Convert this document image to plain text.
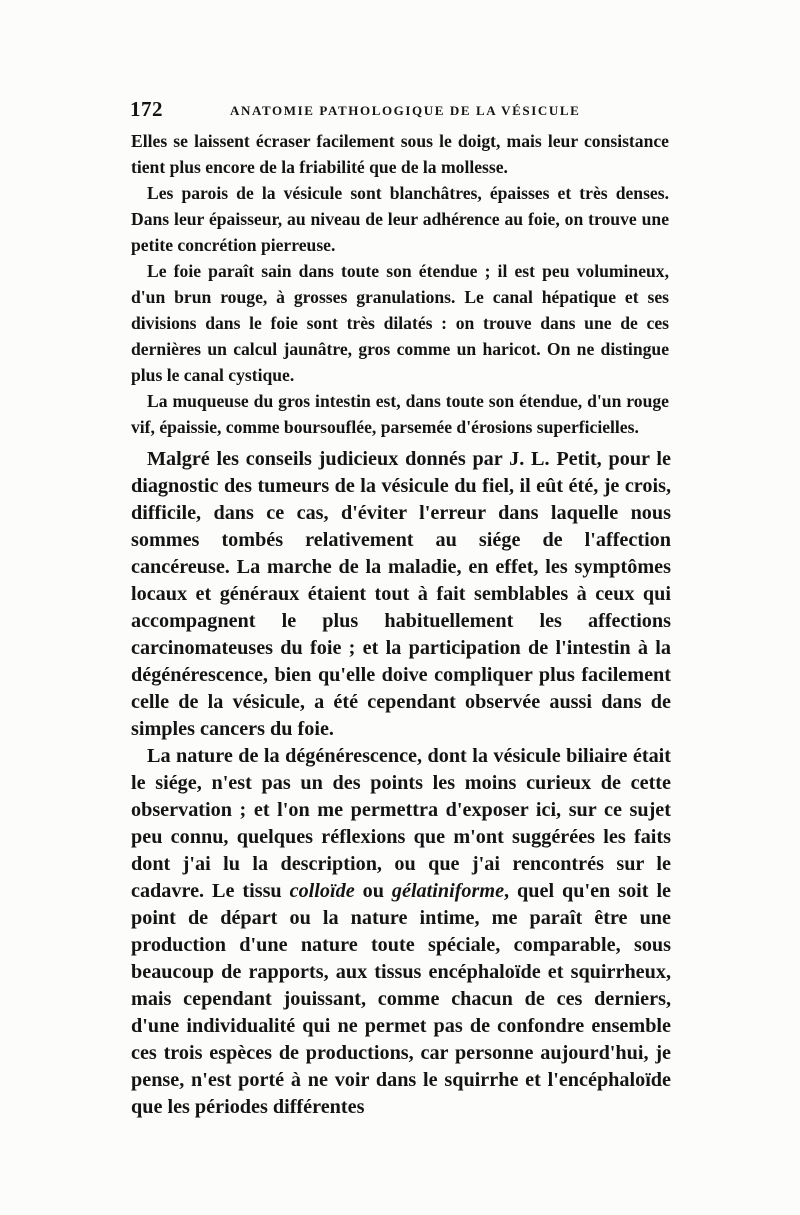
172	ANATOMIE PATHOLOGIQUE DE LA VÉSICULE

Elles se laissent écraser facilement sous le doigt, mais leur consistance tient plus encore de la friabilité que de la mollesse.

Les parois de la vésicule sont blanchâtres, épaisses et très denses. Dans leur épaisseur, au niveau de leur adhérence au foie, on trouve une petite concrétion pierreuse.

Le foie paraît sain dans toute son étendue ; il est peu volumineux, d'un brun rouge, à grosses granulations. Le canal hépatique et ses divisions dans le foie sont très dilatés : on trouve dans une de ces dernières un calcul jaunâtre, gros comme un haricot. On ne distingue plus le canal cystique.

La muqueuse du gros intestin est, dans toute son étendue, d'un rouge vif, épaissie, comme boursouflée, parsemée d'érosions superficielles.

Malgré les conseils judicieux donnés par J. L. Petit, pour le diagnostic des tumeurs de la vésicule du fiel, il eût été, je crois, difficile, dans ce cas, d'éviter l'erreur dans laquelle nous sommes tombés relativement au siége de l'affection cancéreuse. La marche de la maladie, en effet, les symptômes locaux et généraux étaient tout à fait semblables à ceux qui accompagnent le plus habituellement les affections carcinomateuses du foie ; et la participation de l'intestin à la dégénérescence, bien qu'elle doive compliquer plus facilement celle de la vésicule, a été cependant observée aussi dans de simples cancers du foie.

La nature de la dégénérescence, dont la vésicule biliaire était le siége, n'est pas un des points les moins curieux de cette observation ; et l'on me permettra d'exposer ici, sur ce sujet peu connu, quelques réflexions que m'ont suggérées les faits dont j'ai lu la description, ou que j'ai rencontrés sur le cadavre. Le tissu colloïde ou gélatiniforme, quel qu'en soit le point de départ ou la nature intime, me paraît être une production d'une nature toute spéciale, comparable, sous beaucoup de rapports, aux tissus encéphaloïde et squirrheux, mais cependant jouissant, comme chacun de ces derniers, d'une individualité qui ne permet pas de confondre ensemble ces trois espèces de productions, car personne aujourd'hui, je pense, n'est porté à ne voir dans le squirrhe et l'encéphaloïde que les périodes différentes
